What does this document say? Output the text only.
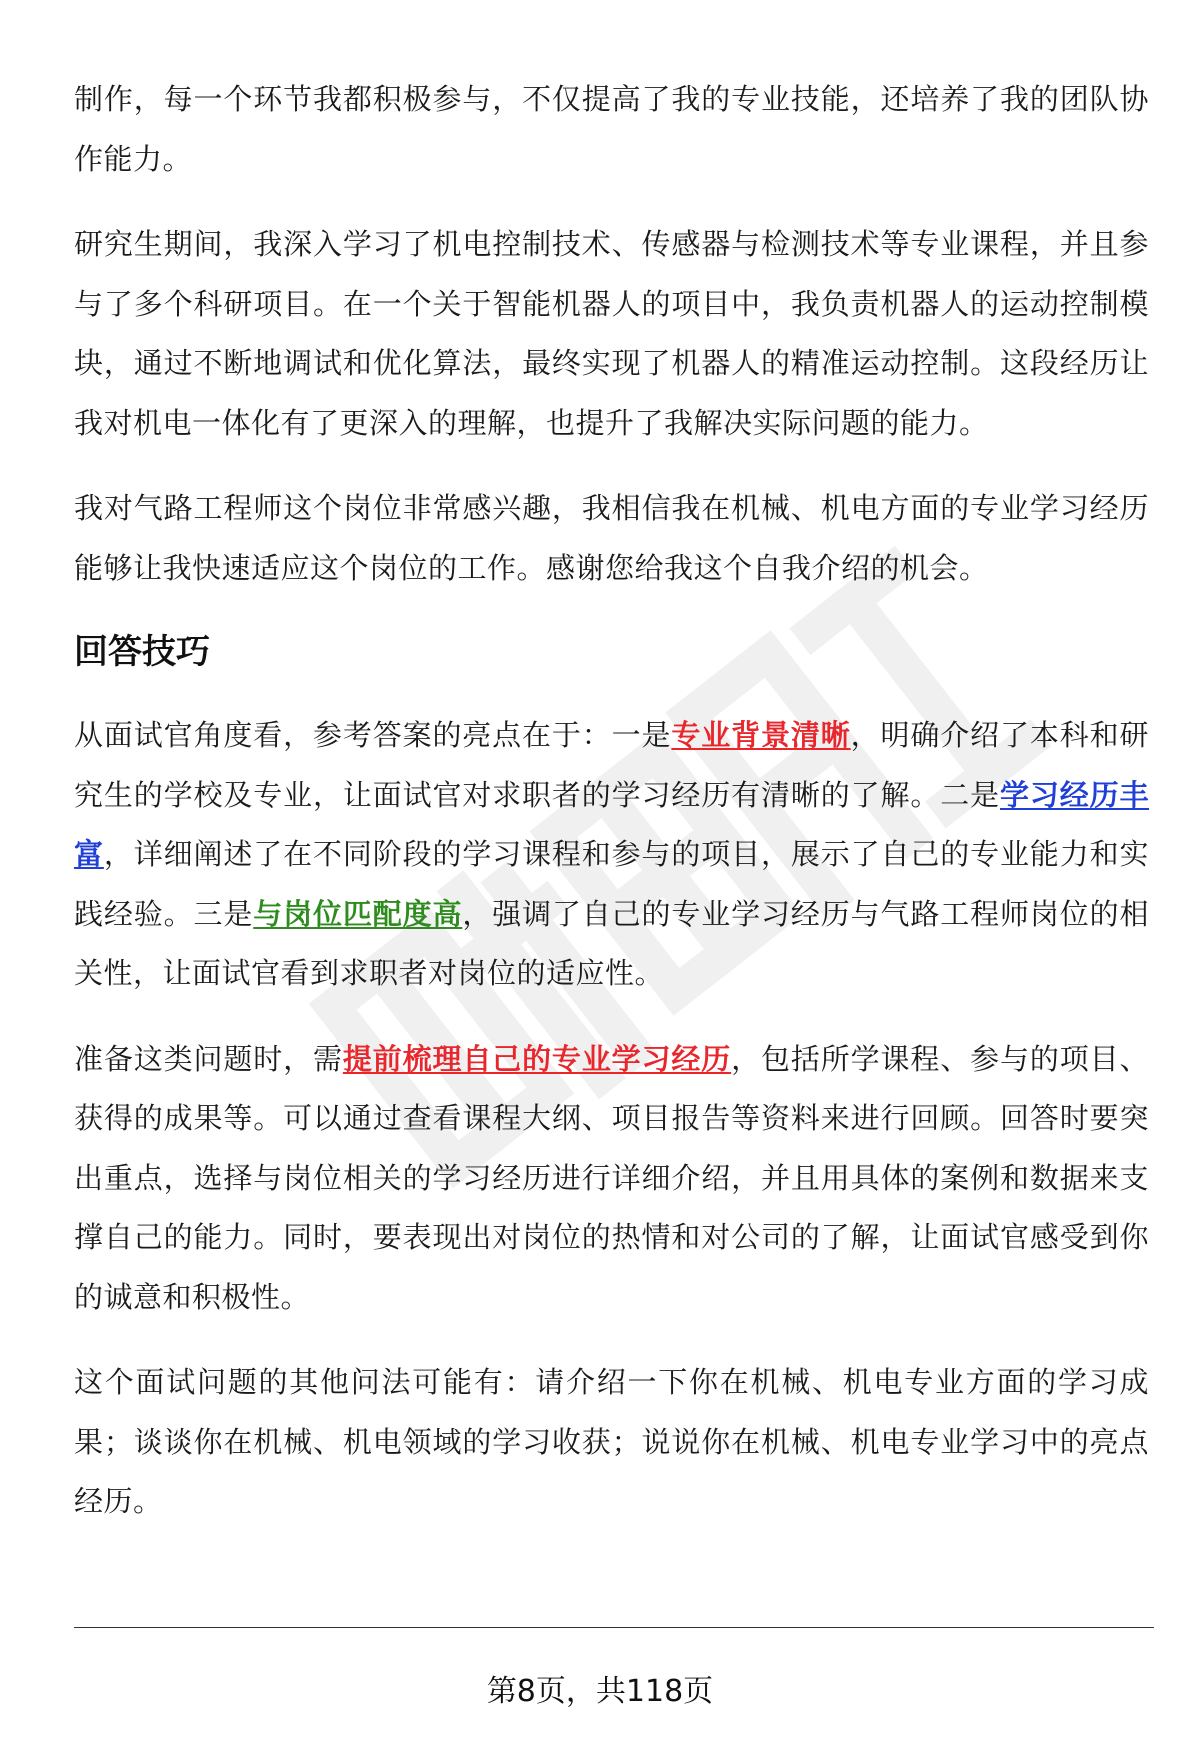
制作，每一个环节我都积极参与，不仅提高了我的专业技能，还培养了我的团队协作能力。

研究生期间，我深入学习了机电控制技术、传感器与检测技术等专业课程，并且参与了多个科研项目。在一个关于智能机器人的项目中，我负责机器人的运动控制模块，通过不断地调试和优化算法，最终实现了机器人的精准运动控制。这段经历让我对机电一体化有了更深入的理解，也提升了我解决实际问题的能力。

我对气路工程师这个岗位非常感兴趣，我相信我在机械、机电方面的专业学习经历能够让我快速适应这个岗位的工作。感谢您给我这个自我介绍的机会。

回答技巧

从面试官角度看，参考答案的亮点在于：一是专业背景清晰，明确介绍了本科和研究生的学校及专业，让面试官对求职者的学习经历有清晰的了解。二是学习经历丰富，详细阐述了在不同阶段的学习课程和参与的项目，展示了自己的专业能力和实践经验。三是与岗位匹配度高，强调了自己的专业学习经历与气路工程师岗位的相关性，让面试官看到求职者对岗位的适应性。

准备这类问题时，需提前梳理自己的专业学习经历，包括所学课程、参与的项目、获得的成果等。可以通过查看课程大纲、项目报告等资料来进行回顾。回答时要突出重点，选择与岗位相关的学习经历进行详细介绍，并且用具体的案例和数据来支撑自己的能力。同时，要表现出对岗位的热情和对公司的了解，让面试官感受到你的诚意和积极性。

这个面试问题的其他问法可能有：请介绍一下你在机械、机电专业方面的学习成果；谈谈你在机械、机电领域的学习收获；说说你在机械、机电专业学习中的亮点经历。

第8页，共118页
